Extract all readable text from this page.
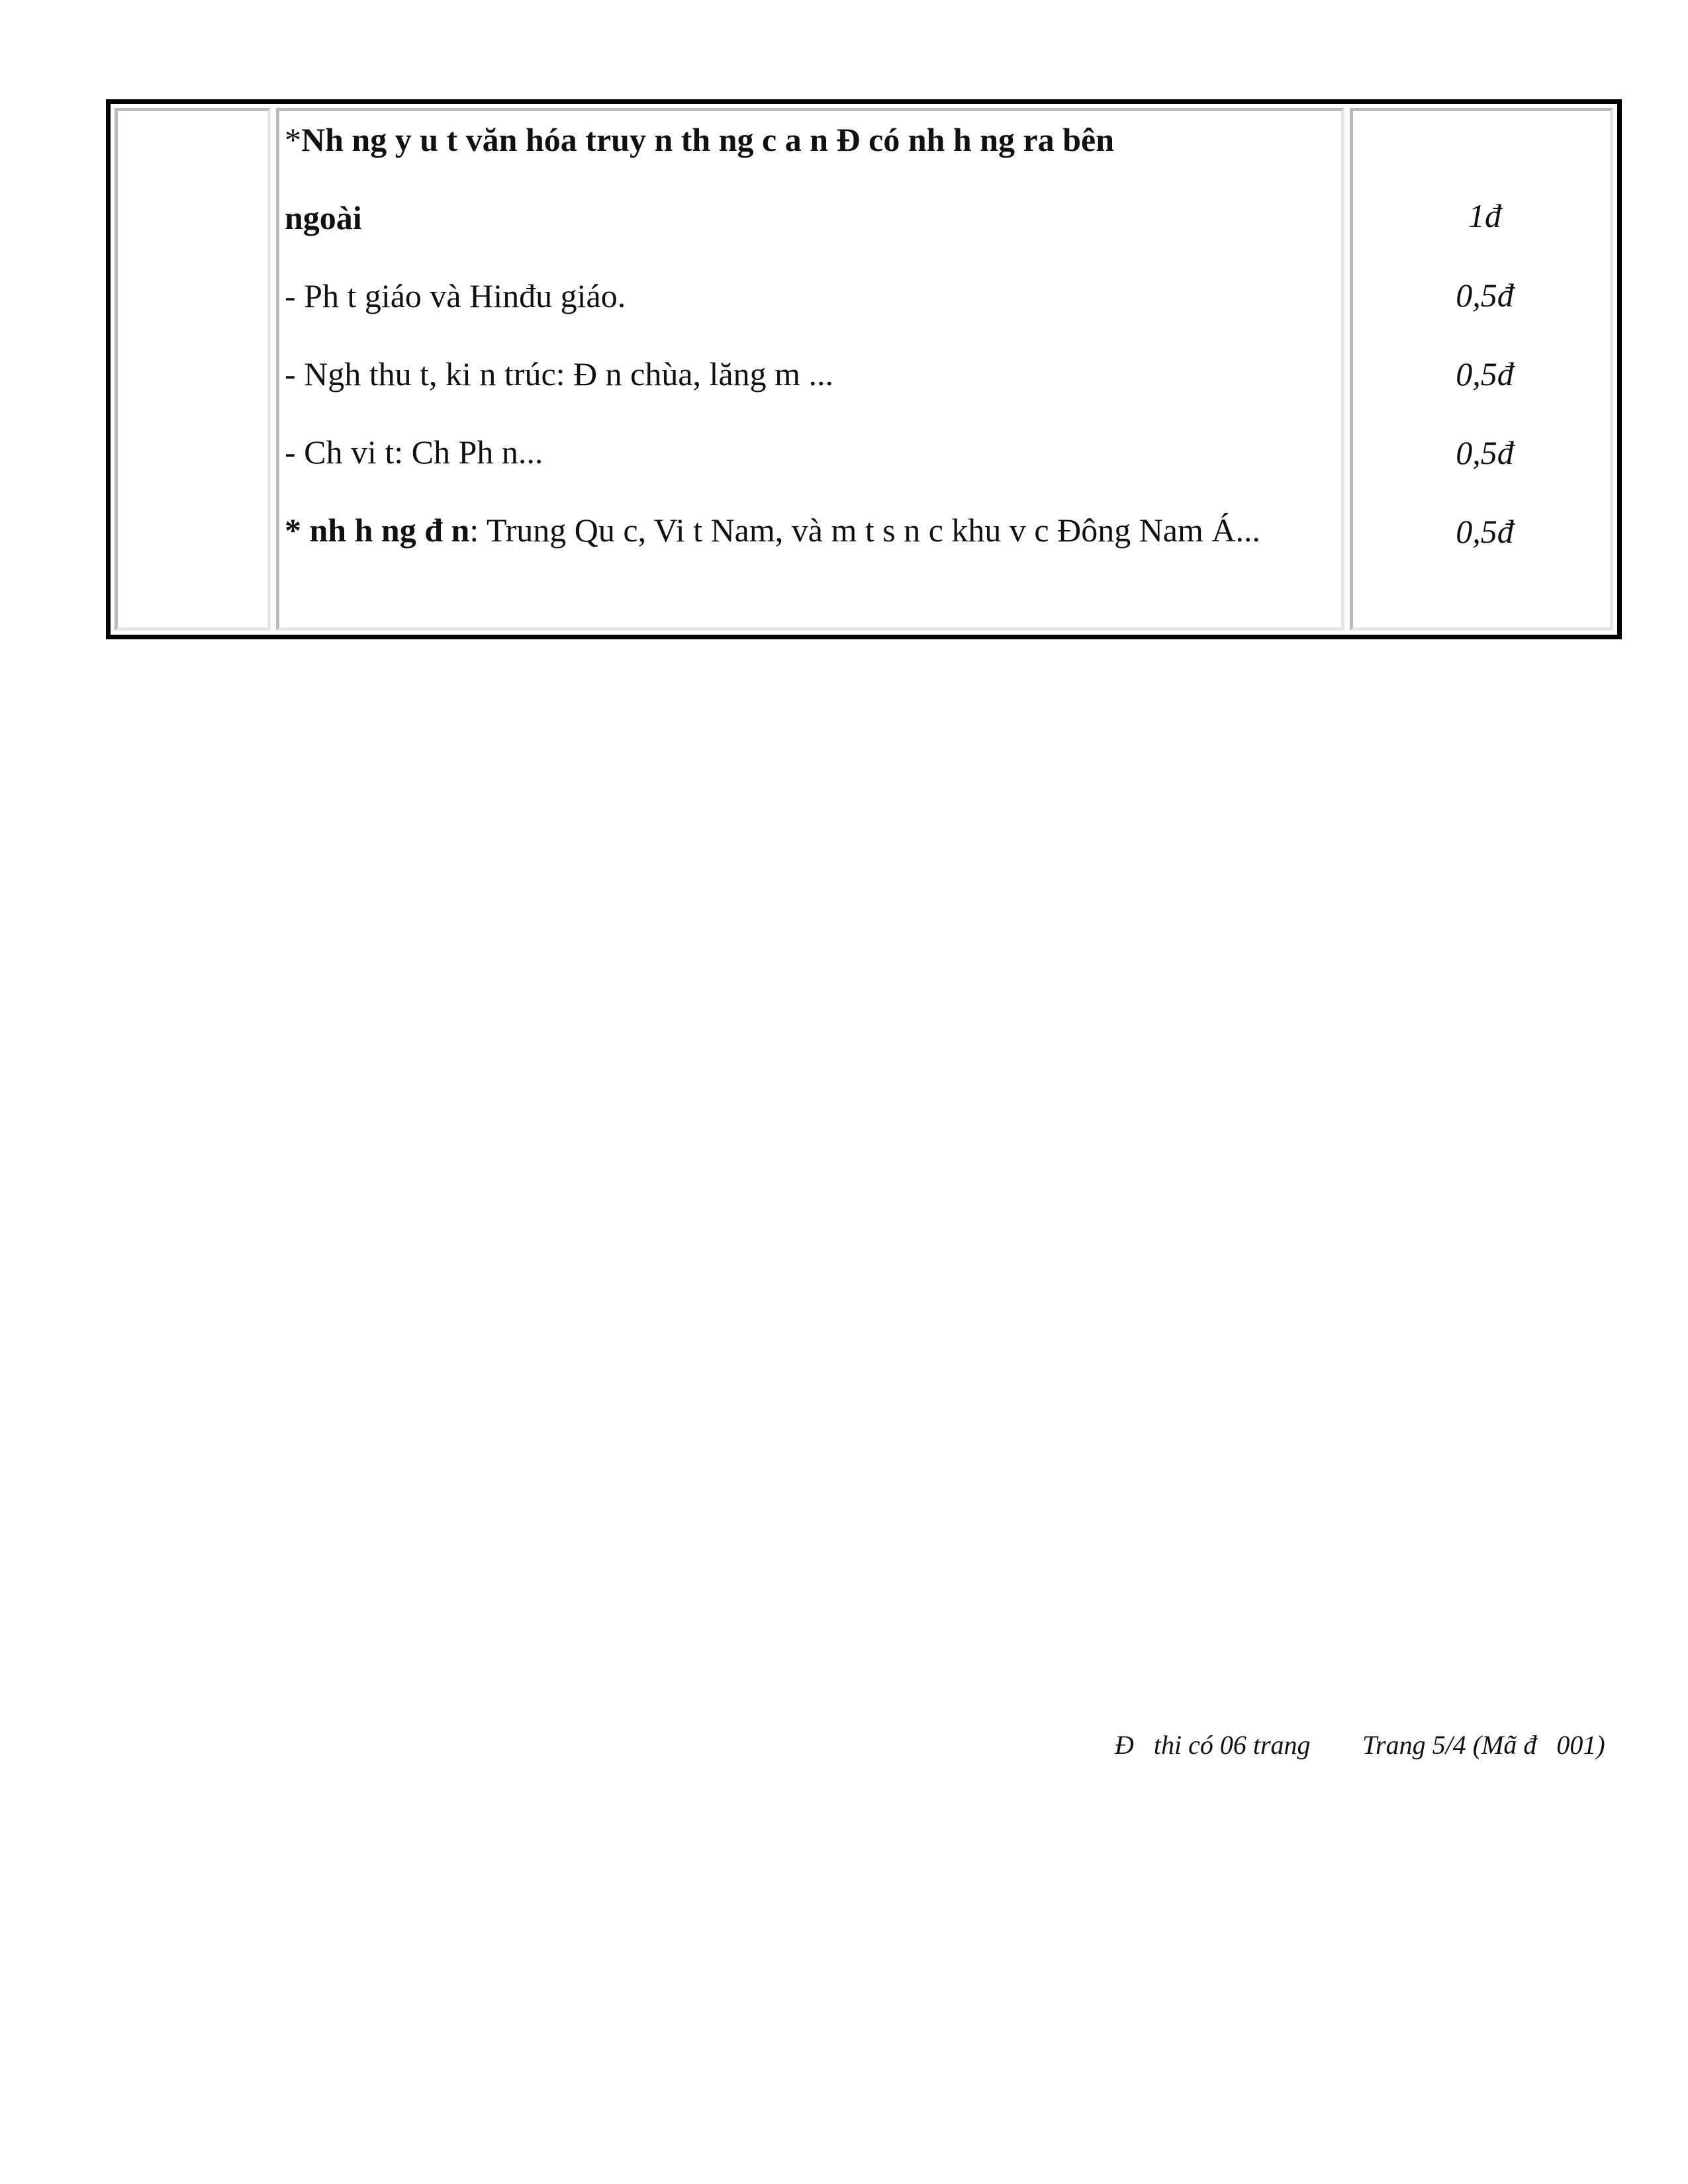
*Nh ng y u t văn hóa truy n th ng c a n Đ có nh h ng ra bên

ngoài

- Ph t giáo và Hinđu giáo.

- Ngh thu t, ki n trúc: Đ n chùa, lăng m ...

- Ch vi t: Ch Ph n...

* nh h ng đ n: Trung Qu c, Vi t Nam, và m t s n c khu v c Đông Nam Á...

1đ
0,5đ
0,5đ
0,5đ
0,5đ
Đ   thi có 06 trang Trang 5/4 (Mã đ   001)
